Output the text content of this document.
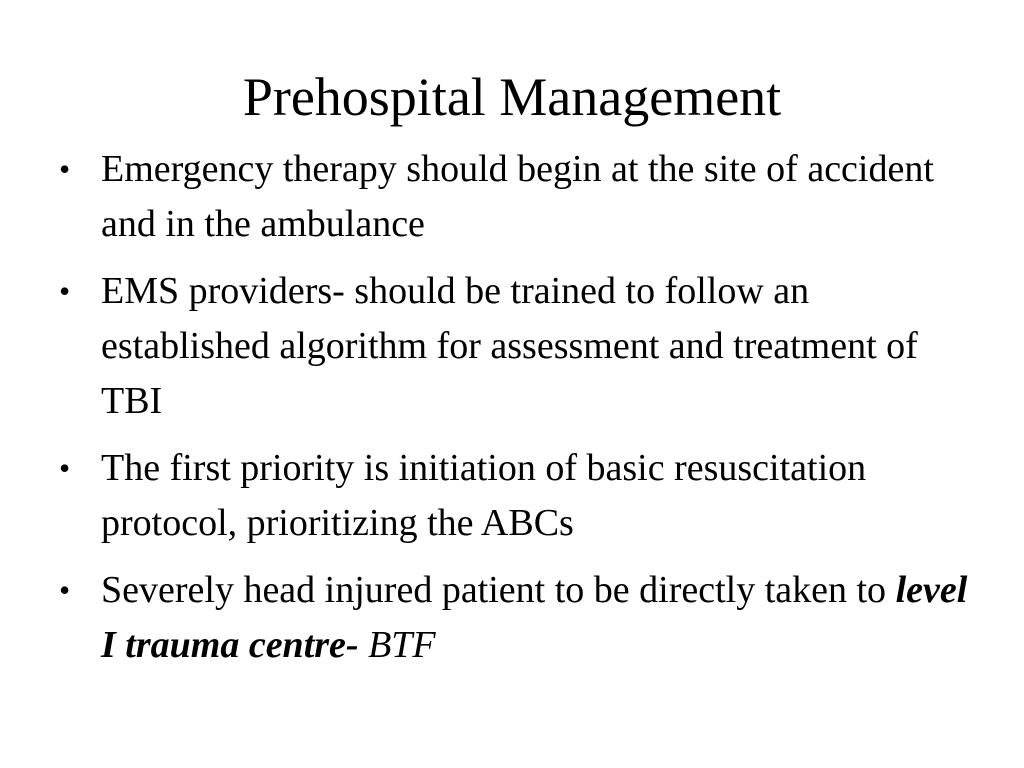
Prehospital Management
• Emergency therapy should begin at the site of accident and in the ambulance
• EMS providers- should be trained to follow an established algorithm for assessment and treatment of TBI
• The first priority is initiation of basic resuscitation protocol, prioritizing the ABCs
• Severely head injured patient to be directly taken to level I trauma centre- BTF
